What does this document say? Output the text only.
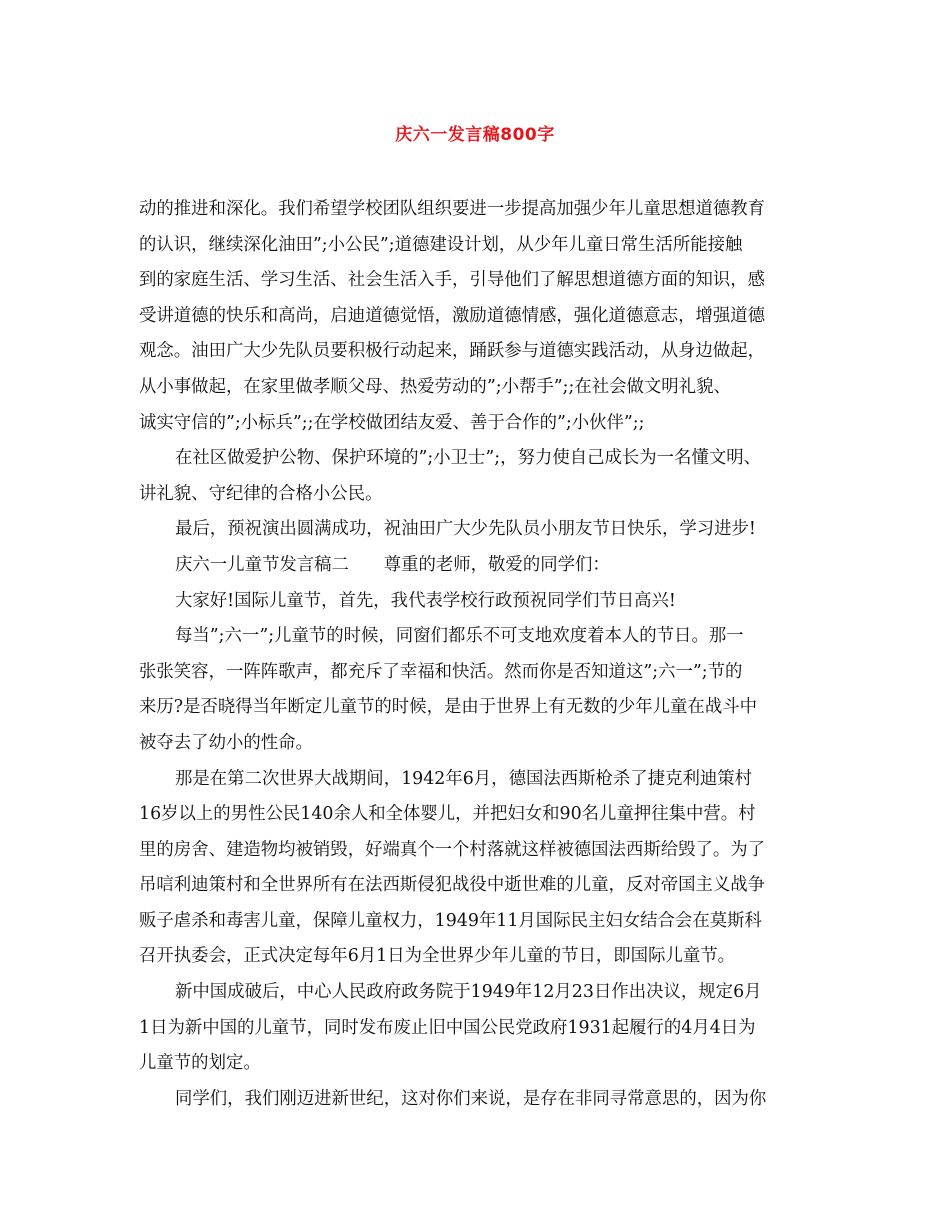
庆六一发言稿800字
动的推进和深化。我们希望学校团队组织要进一步提高加强少年儿童思想道德教育
的认识，继续深化油田”;小公民”;道德建设计划，从少年儿童日常生活所能接触
到的家庭生活、学习生活、社会生活入手，引导他们了解思想道德方面的知识，感
受讲道德的快乐和高尚，启迪道德觉悟，激励道德情感，强化道德意志，增强道德
观念。油田广大少先队员要积极行动起来，踊跃参与道德实践活动，从身边做起，
从小事做起，在家里做孝顺父母、热爱劳动的”;小帮手”;;在社会做文明礼貌、
诚实守信的”;小标兵”;;在学校做团结友爱、善于合作的”;小伙伴”;;
在社区做爱护公物、保护环境的”;小卫士”;，努力使自己成长为一名懂文明、
讲礼貌、守纪律的合格小公民。
最后，预祝演出圆满成功，祝油田广大少先队员小朋友节日快乐，学习进步!
庆六一儿童节发言稿二　　尊重的老师，敬爱的同学们：
大家好!国际儿童节，首先，我代表学校行政预祝同学们节日高兴!
每当”;六一”;儿童节的时候，同窗们都乐不可支地欢度着本人的节日。那一
张张笑容，一阵阵歌声，都充斥了幸福和快活。然而你是否知道这”;六一”;节的
来历?是否晓得当年断定儿童节的时候，是由于世界上有无数的少年儿童在战斗中
被夺去了幼小的性命。
那是在第二次世界大战期间，1942年6月，德国法西斯枪杀了捷克利迪策村
16岁以上的男性公民140余人和全体婴儿，并把妇女和90名儿童押往集中营。村
里的房舍、建造物均被销毁，好端真个一个村落就这样被德国法西斯给毁了。为了
吊唁利迪策村和全世界所有在法西斯侵犯战役中逝世难的儿童，反对帝国主义战争
贩子虐杀和毒害儿童，保障儿童权力，1949年11月国际民主妇女结合会在莫斯科
召开执委会，正式决定每年6月1日为全世界少年儿童的节日，即国际儿童节。
新中国成破后，中心人民政府政务院于1949年12月23日作出决议，规定6月
1日为新中国的儿童节，同时发布废止旧中国公民党政府1931起履行的4月4日为
儿童节的划定。
同学们，我们刚迈进新世纪，这对你们来说，是存在非同寻常意思的，因为你
